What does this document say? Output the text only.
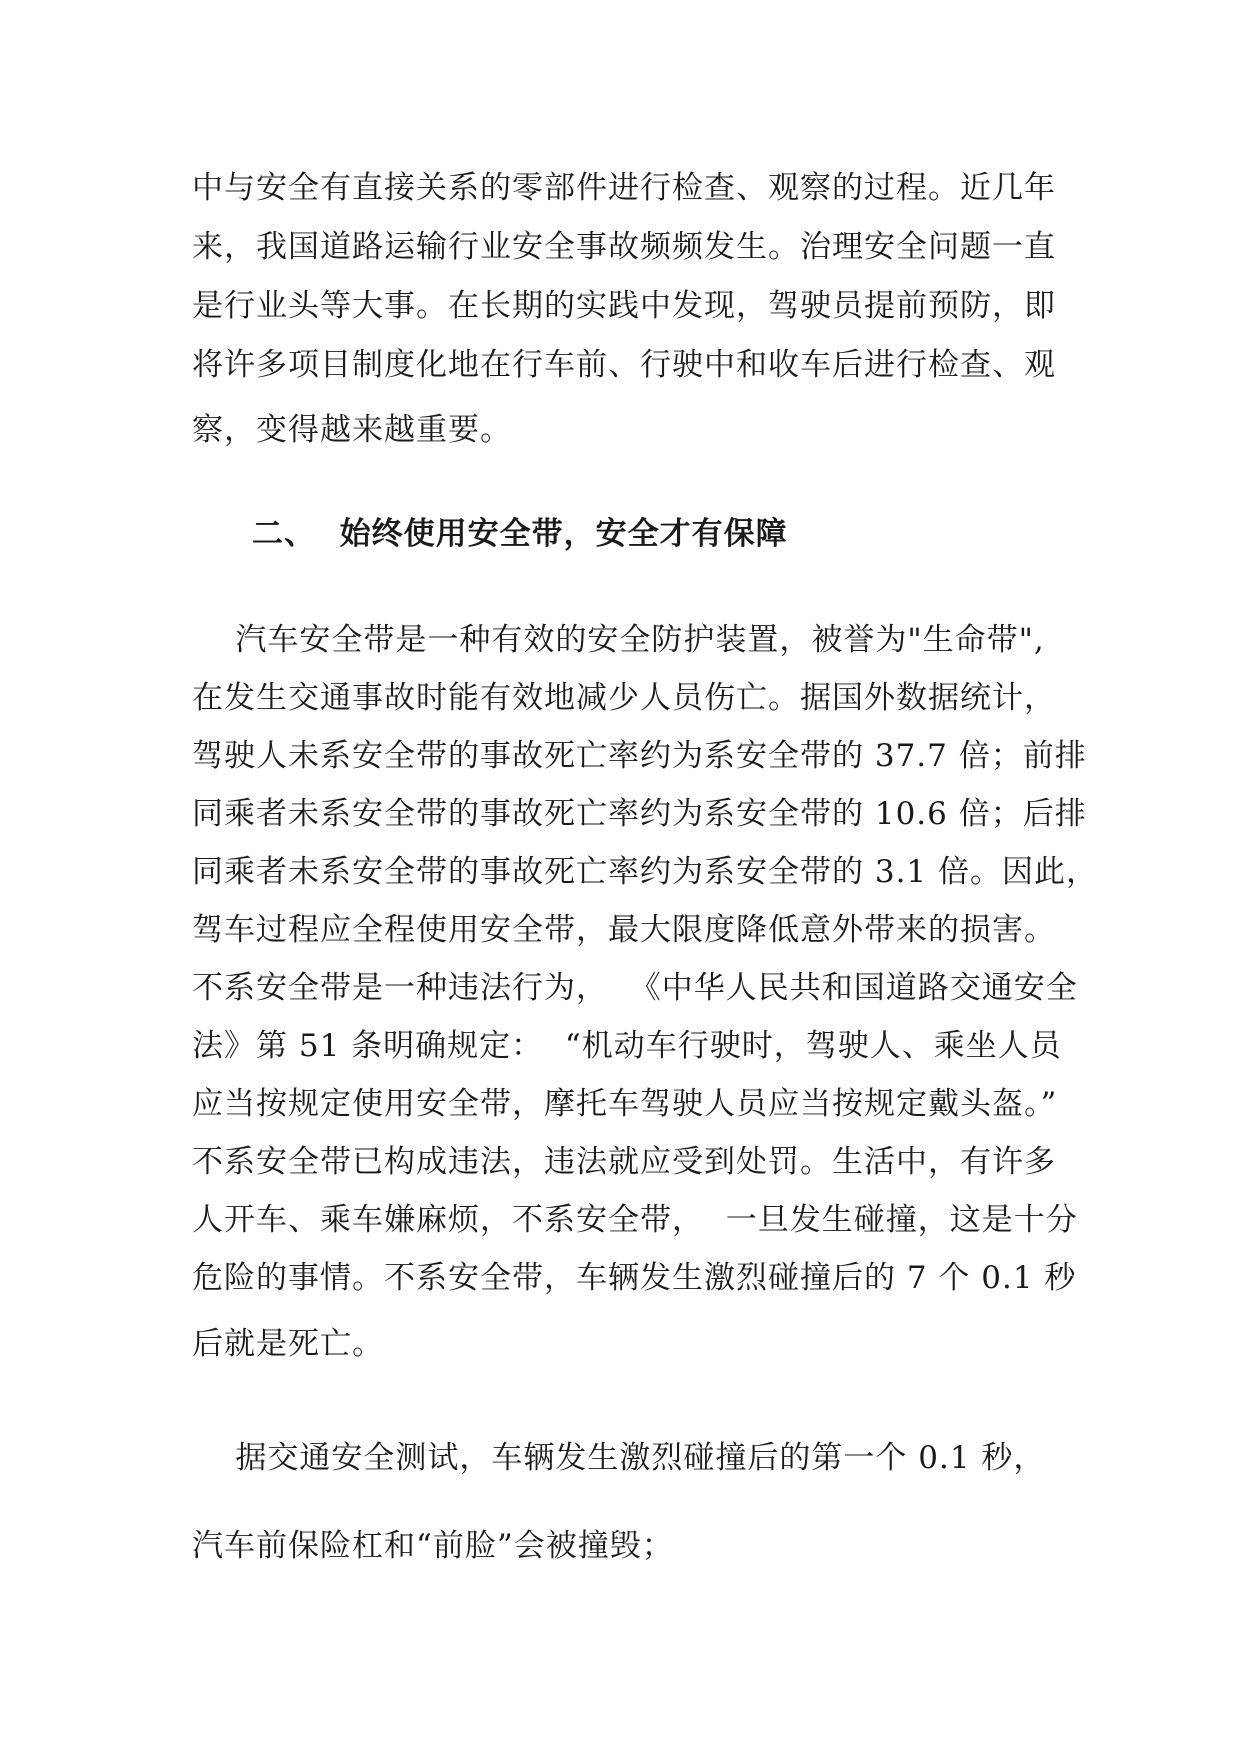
中与安全有直接关系的零部件进行检查、观察的过程。近几年
来，我国道路运输行业安全事故频频发生。治理安全问题一直
是行业头等大事。在长期的实践中发现，驾驶员提前预防，即
将许多项目制度化地在行车前、行驶中和收车后进行检查、观
察，变得越来越重要。
二、  始终使用安全带，安全才有保障
汽车安全带是一种有效的安全防护装置，被誉为"生命带",
在发生交通事故时能有效地减少人员伤亡。据国外数据统计，
驾驶人未系安全带的事故死亡率约为系安全带的 37.7 倍；前排
同乘者未系安全带的事故死亡率约为系安全带的 10.6 倍；后排
同乘者未系安全带的事故死亡率约为系安全带的 3.1 倍。因此，
驾车过程应全程使用安全带，最大限度降低意外带来的损害。
不系安全带是一种违法行为，  《中华人民共和国道路交通安全
法》第 51 条明确规定：  “机动车行驶时，驾驶人、乘坐人员
应当按规定使用安全带，摩托车驾驶人员应当按规定戴头盔。”
不系安全带已构成违法，违法就应受到处罚。生活中，有许多
人开车、乘车嫌麻烦，不系安全带，  一旦发生碰撞，这是十分
危险的事情。不系安全带，车辆发生激烈碰撞后的 7 个 0.1 秒
后就是死亡。
据交通安全测试，车辆发生激烈碰撞后的第一个 0.1 秒，
汽车前保险杠和“前脸”会被撞毁；
